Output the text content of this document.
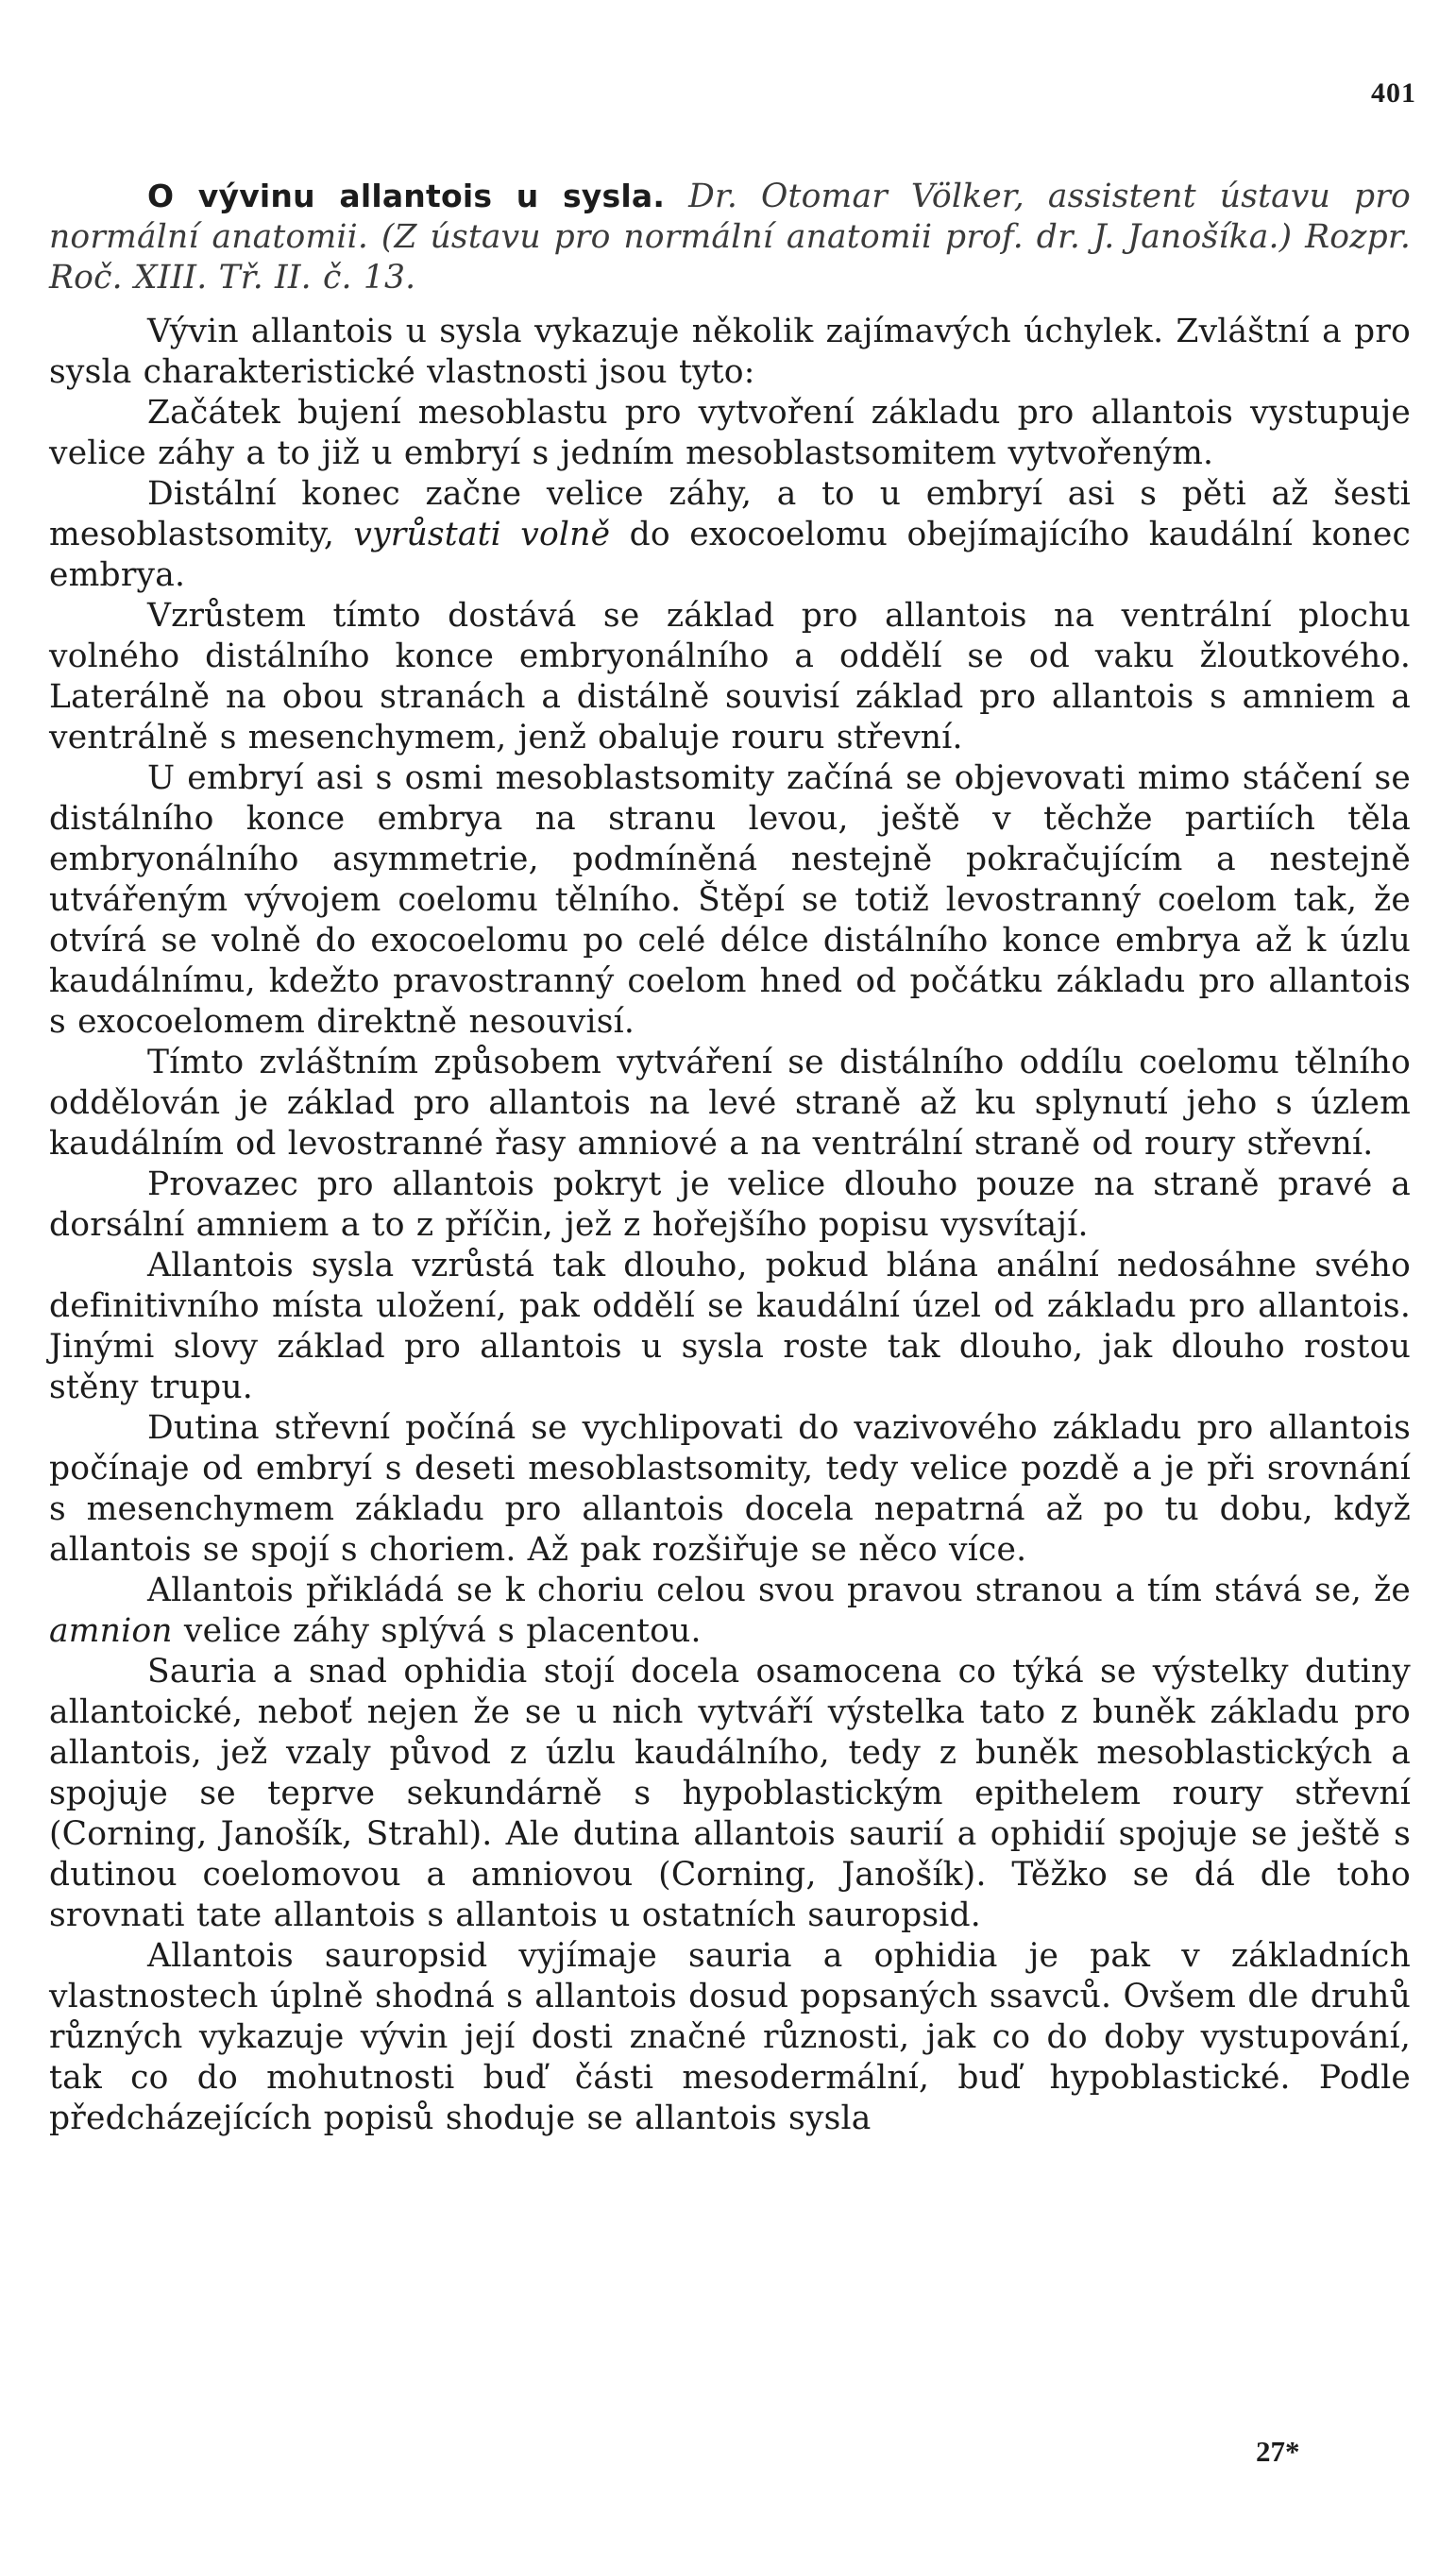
401

O vývinu allantois u sysla. Dr. Otomar Völker, assistent ústavu pro normální anatomii. (Z ústavu pro normální anatomii prof. dr. J. Janošíka.) Rozpr. Roč. XIII. Tř. II. č. 13.

Vývin allantois u sysla vykazuje několik zajímavých úchylek. Zvláštní a pro sysla charakteristické vlastnosti jsou tyto:

Začátek bujení mesoblastu pro vytvoření základu pro allantois vystupuje velice záhy a to již u embryí s jedním mesoblastsomitem vytvořeným.

Distální konec začne velice záhy, a to u embryí asi s pěti až šesti mesoblastsomity, vyrůstati volně do exocoelomu obejímajícího kaudální konec embrya.

Vzrůstem tímto dostává se základ pro allantois na ventrální plochu volného distálního konce embryonálního a oddělí se od vaku žloutkového. Laterálně na obou stranách a distálně souvisí základ pro allantois s amniem a ventrálně s mesenchymem, jenž obaluje rouru střevní.

U embryí asi s osmi mesoblastsomity začíná se objevovati mimo stáčení se distálního konce embrya na stranu levou, ještě v těchže partiích těla embryonálního asymmetrie, podmíněná nestejně pokračujícím a nestejně utvářeným vývojem coelomu tělního. Štěpí se totiž levostranný coelom tak, že otvírá se volně do exocoelomu po celé délce distálního konce embrya až k úzlu kaudálnímu, kdežto pravostranný coelom hned od počátku základu pro allantois s exocoelomem direktně nesouvisí.

Tímto zvláštním způsobem vytváření se distálního oddílu coelomu tělního oddělován je základ pro allantois na levé straně až ku splynutí jeho s úzlem kaudálním od levostranné řasy amniové a na ventrální straně od roury střevní.

Provazec pro allantois pokryt je velice dlouho pouze na straně pravé a dorsální amniem a to z příčin, jež z hořejšího popisu vysvítají.

Allantois sysla vzrůstá tak dlouho, pokud blána anální nedosáhne svého definitivního místa uložení, pak oddělí se kaudální úzel od základu pro allantois. Jinými slovy základ pro allantois u sysla roste tak dlouho, jak dlouho rostou stěny trupu.

Dutina střevní počíná se vychlipovati do vazivového základu pro allantois počínaje od embryí s deseti mesoblastsomity, tedy velice pozdě a je při srovnání s mesenchymem základu pro allantois docela nepatrná až po tu dobu, když allantois se spojí s choriem. Až pak rozšiřuje se něco více.

Allantois přikládá se k choriu celou svou pravou stranou a tím stává se, že amnion velice záhy splývá s placentou.

Sauria a snad ophidia stojí docela osamocena co týká se výstelky dutiny allantoické, neboť nejen že se u nich vytváří výstelka tato z buněk základu pro allantois, jež vzaly původ z úzlu kaudálního, tedy z buněk mesoblastických a spojuje se teprve sekundárně s hypoblastickým epithelem roury střevní (Corning, Janošík, Strahl). Ale dutina allantois saurií a ophidií spojuje se ještě s dutinou coelomovou a amniovou (Corning, Janošík). Těžko se dá dle toho srovnati tate allantois s allantois u ostatních sauropsid.

Allantois sauropsid vyjímaje sauria a ophidia je pak v základních vlastnostech úplně shodná s allantois dosud popsaných ssavců. Ovšem dle druhů různých vykazuje vývin její dosti značné různosti, jak co do doby vystupování, tak co do mohutnosti buď části mesodermální, buď hypoblastické. Podle předcházejících popisů shoduje se allantois sysla

27*
